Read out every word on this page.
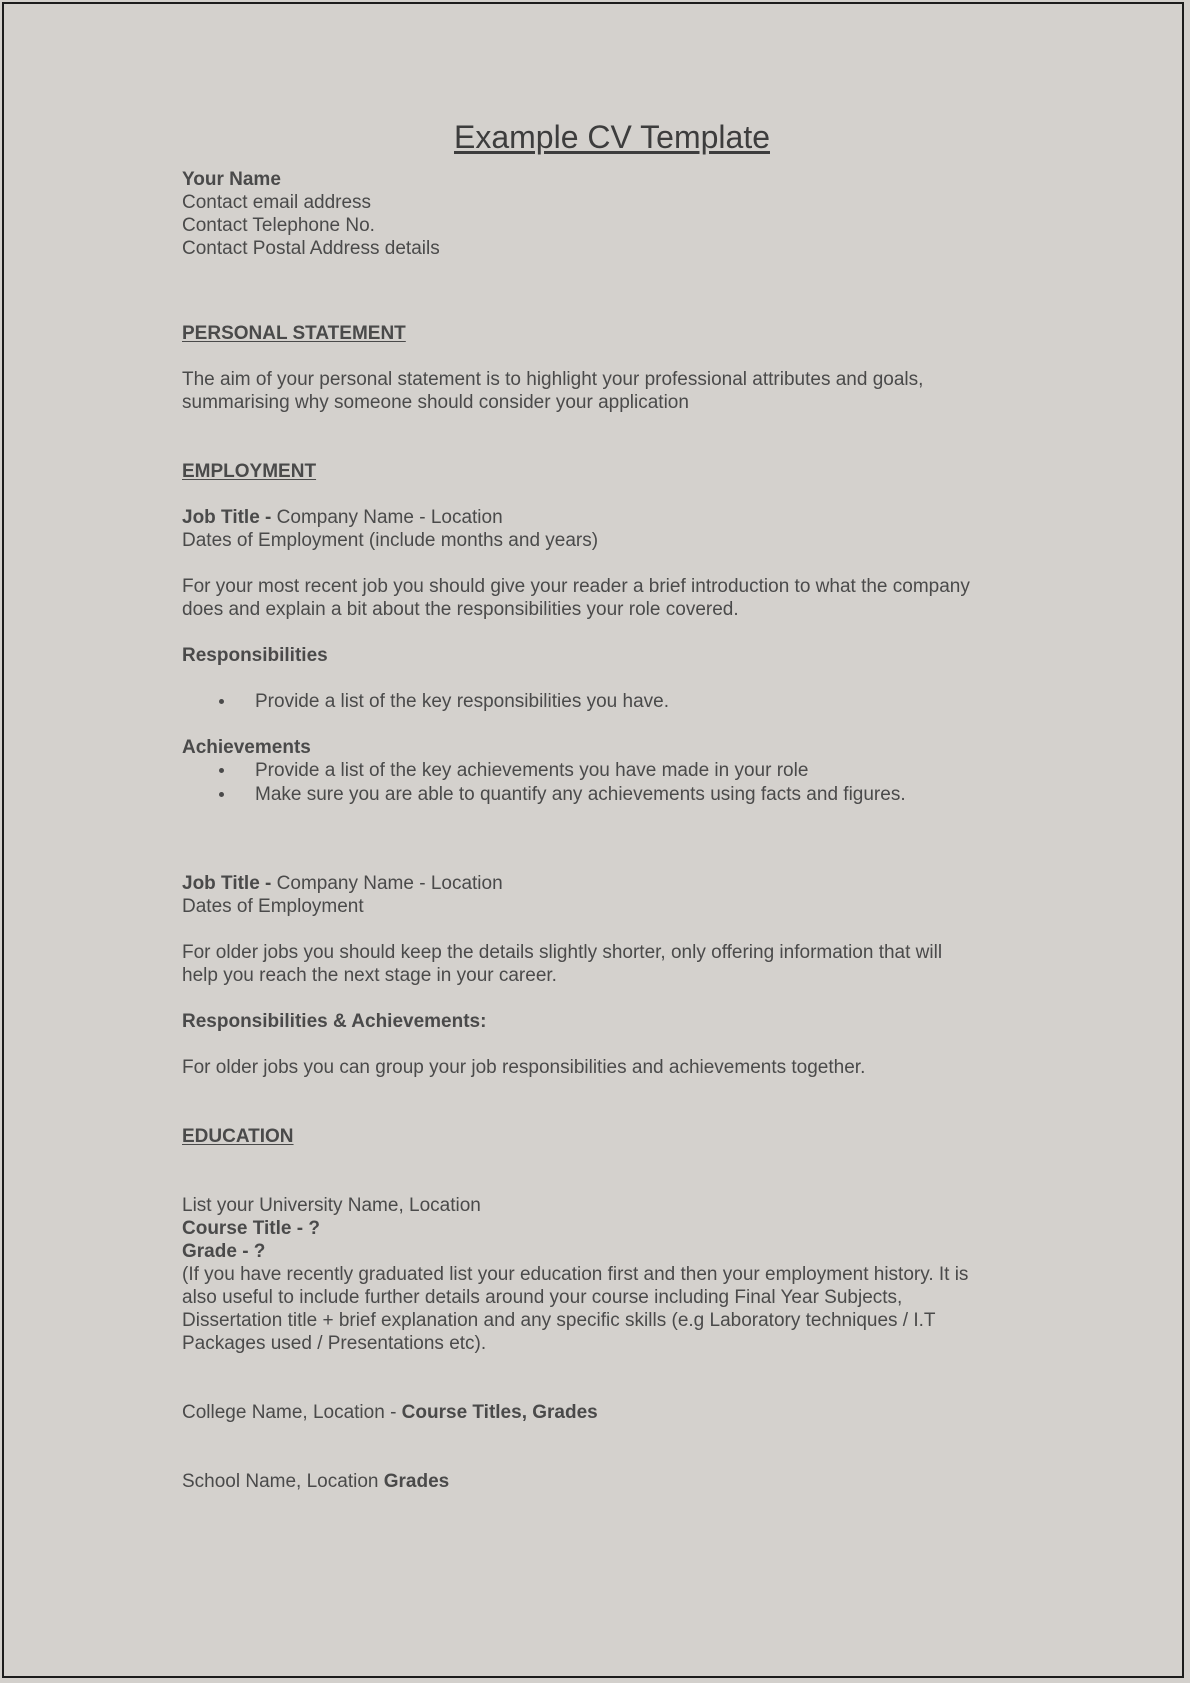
Example CV Template
Your Name
Contact email address
Contact Telephone No.
Contact Postal Address details
PERSONAL STATEMENT
The aim of your personal statement is to highlight your professional attributes and goals,
summarising why someone should consider your application
EMPLOYMENT
Job Title - Company Name - Location
Dates of Employment (include months and years)
For your most recent job you should give your reader a brief introduction to what the company
does and explain a bit about the responsibilities your role covered.
Responsibilities
Provide a list of the key responsibilities you have.
Achievements
Provide a list of the key achievements you have made in your role
Make sure you are able to quantify any achievements using facts and figures.
Job Title - Company Name - Location
Dates of Employment
For older jobs you should keep the details slightly shorter, only offering information that will
help you reach the next stage in your career.
Responsibilities & Achievements:
For older jobs you can group your job responsibilities and achievements together.
EDUCATION
List your University Name, Location
Course Title - ?
Grade - ?
(If you have recently graduated list your education first and then your employment history. It is
also useful to include further details around your course including Final Year Subjects,
Dissertation title + brief explanation and any specific skills (e.g Laboratory techniques / I.T
Packages used / Presentations etc).
College Name, Location - Course Titles, Grades
School Name, Location Grades
